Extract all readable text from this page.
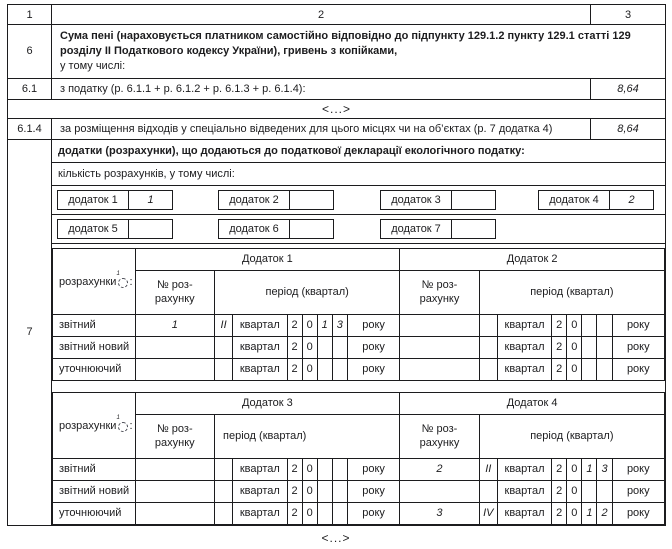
1	2	3
6	Сума пені (нараховується платником самостійно відповідно до підпункту 129.1.2 пункту 129.1 статті 129 розділу ІІ Податкового кодексу України), гривень з копійками,
у тому числі:

6.1	з податку (р. 6.1.1 + р. 6.1.2 + р. 6.1.3 + р. 6.1.4):	8,64
<...>
6.1.4	за розміщення відходів у спеціально відведених для цього місцях чи на об’єктах (р. 7 додатка 4)	8,64
7	
додатки (розрахунки), що додаються до податкової декларації екологічного податку:
кількість розрахунків, у тому числі:
додаток 1	1	додаток 2	додаток 3	додаток 4	2
додаток 5	додаток 6	додаток 7
розрахунки
1
:	Додаток 1	Додаток 2
№ роз-
рахунку	період (квартал)	№ роз-
рахунку	період (квартал)
звітний	1	II	квартал	2	0	1	3	року			квартал	2	0			року
звітний новий			квартал	2	0			року			квартал	2	0			року
уточнюючий			квартал	2	0			року			квартал	2	0			року
розрахунки
1
:	Додаток 3	Додаток 4
№ роз-
рахунку	період (квартал)	№ роз-
рахунку	період (квартал)
звітний			квартал	2	0			року	2	II	квартал	2	0	1	3	року
звітний новий			квартал	2	0			року			квартал	2	0			року
уточнюючий			квартал	2	0			року	3	IV	квартал	2	0	1	2	року
<...>
